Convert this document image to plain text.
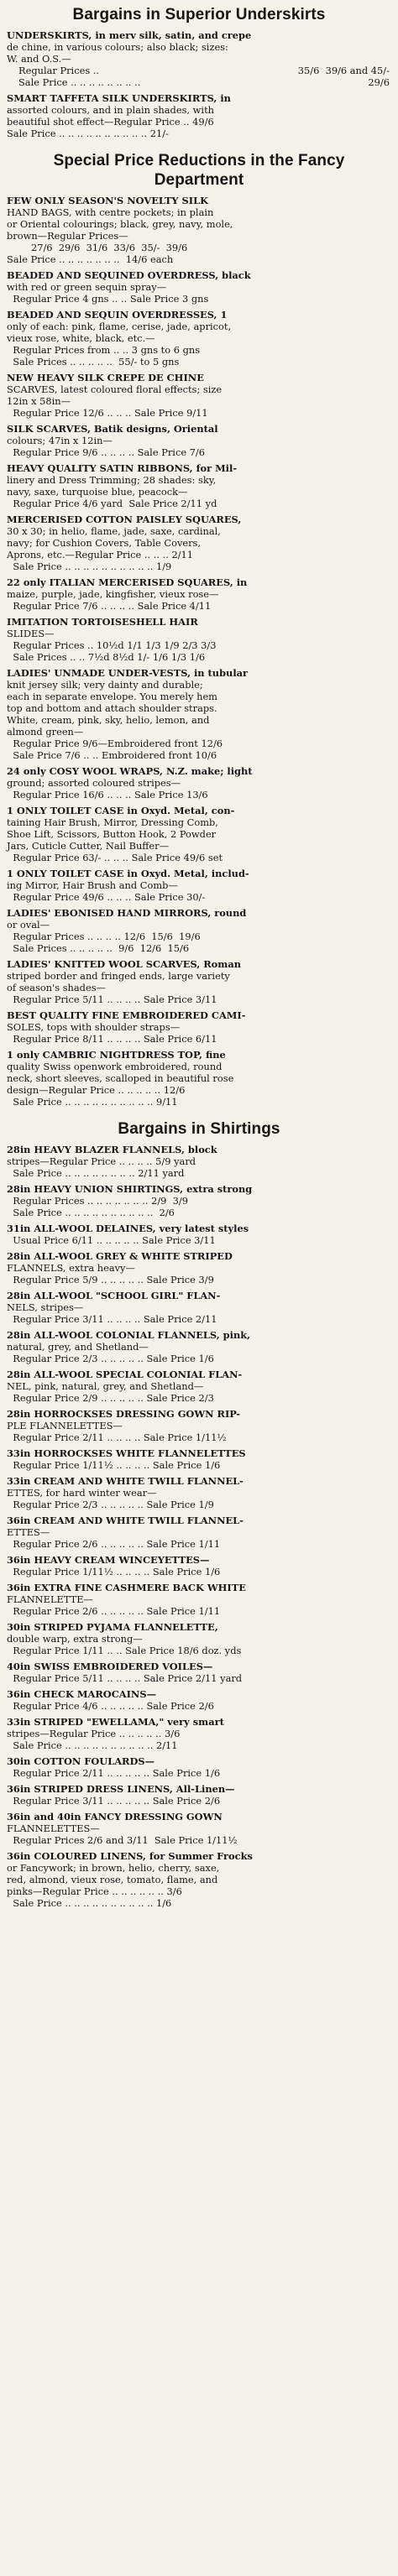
Bargains in Superior Underskirts

UNDERSKIRTS, in merv silk, satin, and crepe
de chine, in various colours; also black; sizes:
W. and O.S.—

Regular Prices ..	35/6  39/6 and 45/-
Sale Price .. .. .. .. .. .. .. ..	29/6

SMART TAFFETA SILK UNDERSKIRTS, in
assorted colours, and in plain shades, with
beautiful shot effect—Regular Price .. 49/6
Sale Price .. .. .. .. .. .. .. .. .. .. 21/-

Special Price Reductions in the Fancy Department

FEW ONLY SEASON'S NOVELTY SILK
HAND BAGS, with centre pockets; in plain
or Oriental colourings; black, grey, navy, mole,
brown—Regular Prices—
27/6  29/6  31/6  33/6  35/-  39/6
Sale Price .. .. .. .. .. .. ..  14/6 each

BEADED AND SEQUINED OVERDRESS, black
with red or green sequin spray—
Regular Price 4 gns .. .. Sale Price 3 gns

BEADED AND SEQUIN OVERDRESSES, 1
only of each: pink, flame, cerise, jade, apricot,
vieux rose, white, black, etc.—
Regular Prices from .. .. 3 gns to 6 gns
Sale Prices .. .. .. .. ..  55/- to 5 gns

NEW HEAVY SILK CREPE DE CHINE
SCARVES, latest coloured floral effects; size
12in x 58in—
Regular Price 12/6 .. .. .. Sale Price 9/11

SILK SCARVES, Batik designs, Oriental
colours; 47in x 12in—
Regular Price 9/6 .. .. .. .. Sale Price 7/6

HEAVY QUALITY SATIN RIBBONS, for Mil-
linery and Dress Trimming; 28 shades: sky,
navy, saxe, turquoise blue, peacock—
Regular Price 4/6 yard  Sale Price 2/11 yd

MERCERISED COTTON PAISLEY SQUARES,
30 x 30; in helio, flame, jade, saxe, cardinal,
navy; for Cushion Covers, Table Covers,
Aprons, etc.—Regular Price .. .. .. 2/11
Sale Price .. .. .. .. .. .. .. .. .. .. 1/9

22 only ITALIAN MERCERISED SQUARES, in
maize, purple, jade, kingfisher, vieux rose—
Regular Price 7/6 .. .. .. .. Sale Price 4/11

IMITATION TORTOISESHELL HAIR
SLIDES—
Regular Prices .. 10½d 1/1 1/3 1/9 2/3 3/3
Sale Prices .. .. 7½d 8½d 1/- 1/6 1/3 1/6

LADIES' UNMADE UNDER-VESTS, in tubular
knit jersey silk; very dainty and durable;
each in separate envelope. You merely hem
top and bottom and attach shoulder straps.
White, cream, pink, sky, helio, lemon, and
almond green—
Regular Price 9/6—Embroidered front 12/6
Sale Price 7/6 .. .. Embroidered front 10/6

24 only COSY WOOL WRAPS, N.Z. make; light
ground; assorted coloured stripes—
Regular Price 16/6 .. .. .. Sale Price 13/6

1 ONLY TOILET CASE in Oxyd. Metal, con-
taining Hair Brush, Mirror, Dressing Comb,
Shoe Lift, Scissors, Button Hook, 2 Powder
Jars, Cuticle Cutter, Nail Buffer—
Regular Price 63/- .. .. .. Sale Price 49/6 set

1 ONLY TOILET CASE in Oxyd. Metal, includ-
ing Mirror, Hair Brush and Comb—
Regular Price 49/6 .. .. .. Sale Price 30/-

LADIES' EBONISED HAND MIRRORS, round
or oval—
Regular Prices .. .. .. .. 12/6  15/6  19/6
Sale Prices .. .. .. .. ..  9/6  12/6  15/6

LADIES' KNITTED WOOL SCARVES, Roman
striped border and fringed ends, large variety
of season's shades—
Regular Price 5/11 .. .. .. .. Sale Price 3/11

BEST QUALITY FINE EMBROIDERED CAMI-
SOLES, tops with shoulder straps—
Regular Price 8/11 .. .. .. .. Sale Price 6/11

1 only CAMBRIC NIGHTDRESS TOP, fine
quality Swiss openwork embroidered, round
neck, short sleeves, scalloped in beautiful rose
design—Regular Price .. .. .. .. .. 12/6
Sale Price .. .. .. .. .. .. .. .. .. .. 9/11

Bargains in Shirtings

28in HEAVY BLAZER FLANNELS, block
stripes—Regular Price .. .. .. .. 5/9 yard
Sale Price .. .. .. .. .. .. .. .. 2/11 yard

28in HEAVY UNION SHIRTINGS, extra strong
Regular Prices .. .. .. .. .. .. .. 2/9  3/9
Sale Price .. .. .. .. .. .. .. .. .. ..  2/6

31in ALL-WOOL DELAINES, very latest styles
Usual Price 6/11 .. .. .. .. .. Sale Price 3/11

28in ALL-WOOL GREY & WHITE STRIPED
FLANNELS, extra heavy—
Regular Price 5/9 .. .. .. .. .. Sale Price 3/9

28in ALL-WOOL "SCHOOL GIRL" FLAN-
NELS, stripes—
Regular Price 3/11 .. .. .. .. Sale Price 2/11

28in ALL-WOOL COLONIAL FLANNELS, pink,
natural, grey, and Shetland—
Regular Price 2/3 .. .. .. .. .. Sale Price 1/6

28in ALL-WOOL SPECIAL COLONIAL FLAN-
NEL, pink, natural, grey, and Shetland—
Regular Price 2/9 .. .. .. .. .. Sale Price 2/3

28in HORROCKSES DRESSING GOWN RIP-
PLE FLANNELETTES—
Regular Price 2/11 .. .. .. .. Sale Price 1/11½

33in HORROCKSES WHITE FLANNELETTES
Regular Price 1/11½ .. .. .. .. Sale Price 1/6

33in CREAM AND WHITE TWILL FLANNEL-
ETTES, for hard winter wear—
Regular Price 2/3 .. .. .. .. .. Sale Price 1/9

36in CREAM AND WHITE TWILL FLANNEL-
ETTES—
Regular Price 2/6 .. .. .. .. .. Sale Price 1/11

36in HEAVY CREAM WINCEYETTES—
Regular Price 1/11½ .. .. .. .. Sale Price 1/6

36in EXTRA FINE CASHMERE BACK WHITE
FLANNELETTE—
Regular Price 2/6 .. .. .. .. .. Sale Price 1/11

30in STRIPED PYJAMA FLANNELETTE,
double warp, extra strong—
Regular Price 1/11 .. .. Sale Price 18/6 doz. yds

40in SWISS EMBROIDERED VOILES—
Regular Price 5/11 .. .. .. .. Sale Price 2/11 yard

36in CHECK MAROCAINS—
Regular Price 4/6 .. .. .. .. .. Sale Price 2/6

33in STRIPED "EWELLAMA," very smart
stripes—Regular Price .. .. .. .. .. 3/6
Sale Price .. .. .. .. .. .. .. .. .. .. 2/11

30in COTTON FOULARDS—
Regular Price 2/11 .. .. .. .. .. Sale Price 1/6

36in STRIPED DRESS LINENS, All-Linen—
Regular Price 3/11 .. .. .. .. .. Sale Price 2/6

36in and 40in FANCY DRESSING GOWN
FLANNELETTES—
Regular Prices 2/6 and 3/11  Sale Price 1/11½

36in COLOURED LINENS, for Summer Frocks
or Fancywork; in brown, helio, cherry, saxe,
red, almond, vieux rose, tomato, flame, and
pinks—Regular Price .. .. .. .. .. .. 3/6
Sale Price .. .. .. .. .. .. .. .. .. .. 1/6
